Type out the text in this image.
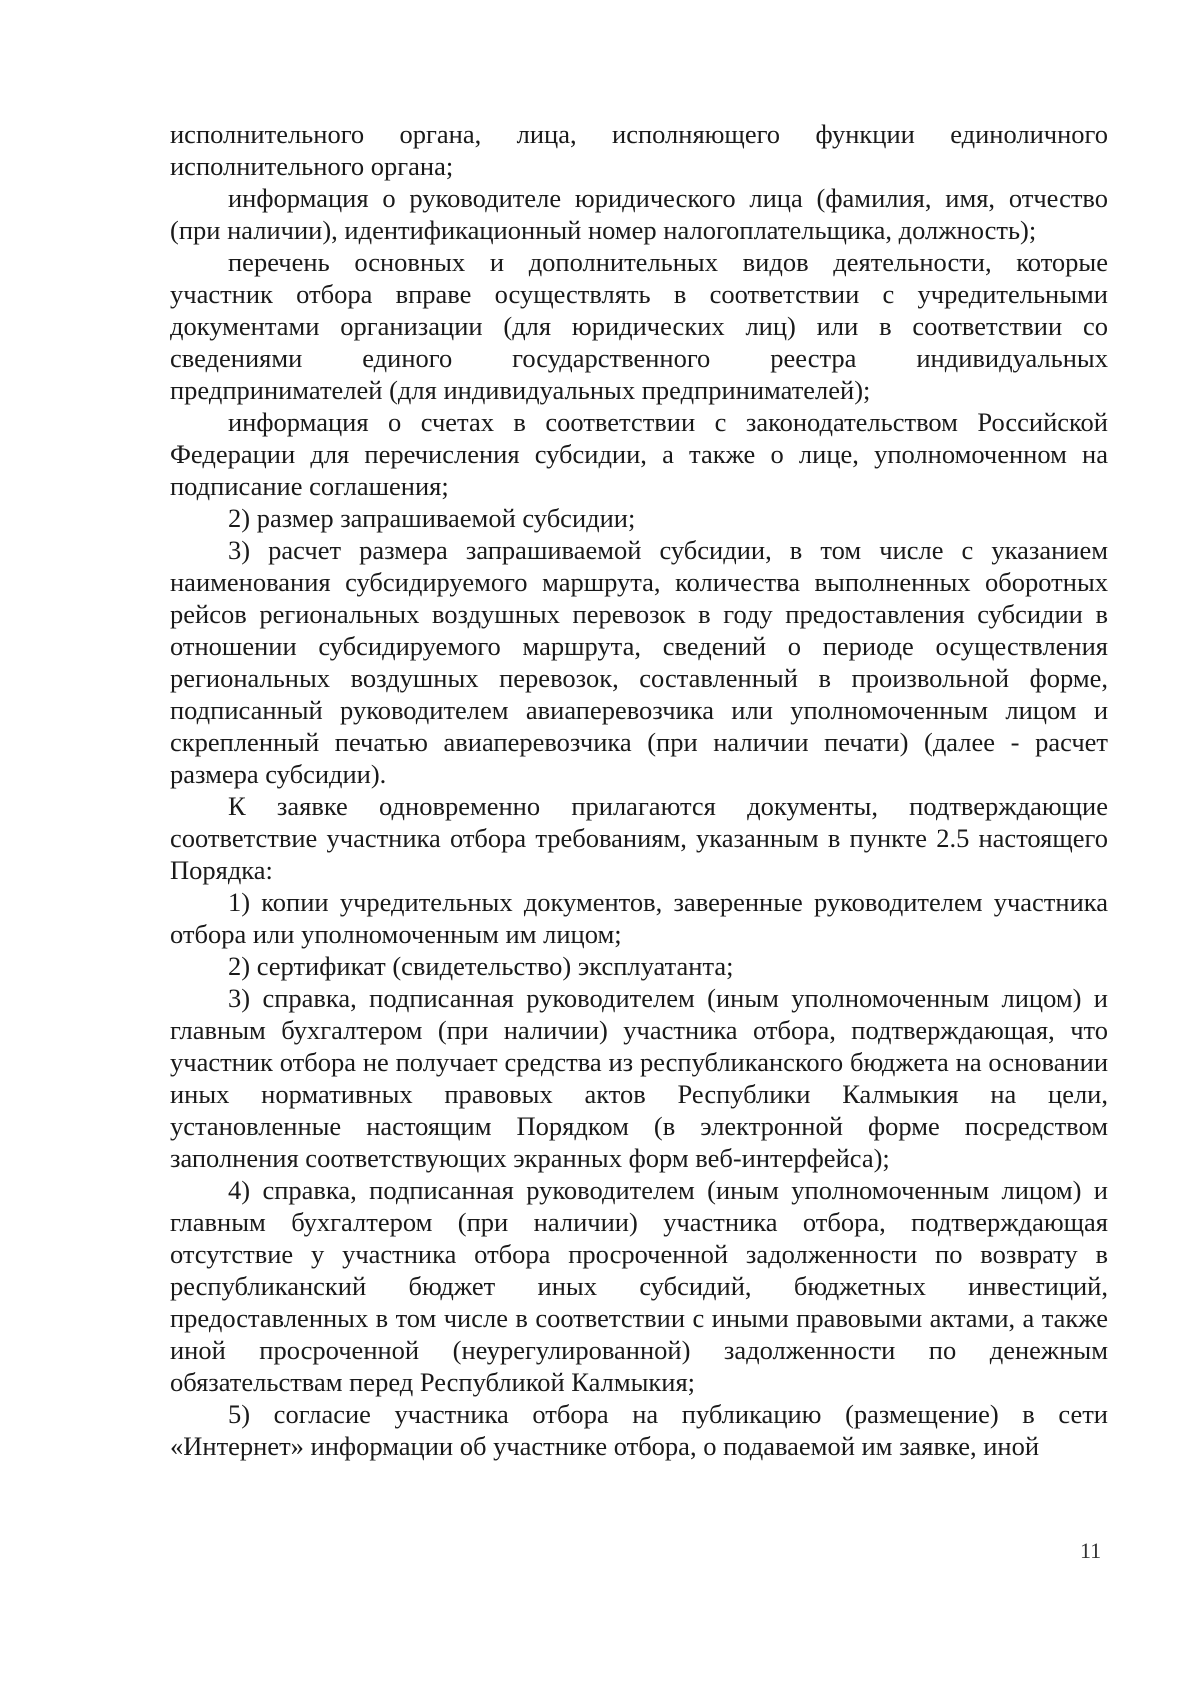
исполнительного органа, лица, исполняющего функции единоличного исполнительного органа;

информация о руководителе юридического лица (фамилия, имя, отчество (при наличии), идентификационный номер налогоплательщика, должность);

перечень основных и дополнительных видов деятельности, которые участник отбора вправе осуществлять в соответствии с учредительными документами организации (для юридических лиц) или в соответствии со сведениями единого государственного реестра индивидуальных предпринимателей (для индивидуальных предпринимателей);

информация о счетах в соответствии с законодательством Российской Федерации для перечисления субсидии, а также о лице, уполномоченном на подписание соглашения;

2) размер запрашиваемой субсидии;

3) расчет размера запрашиваемой субсидии, в том числе с указанием наименования субсидируемого маршрута, количества выполненных оборотных рейсов региональных воздушных перевозок в году предоставления субсидии в отношении субсидируемого маршрута, сведений о периоде осуществления региональных воздушных перевозок, составленный в произвольной форме, подписанный руководителем авиаперевозчика или уполномоченным лицом и скрепленный печатью авиаперевозчика (при наличии печати) (далее - расчет размера субсидии).

К заявке одновременно прилагаются документы, подтверждающие соответствие участника отбора требованиям, указанным в пункте 2.5 настоящего Порядка:

1) копии учредительных документов, заверенные руководителем участника отбора или уполномоченным им лицом;

2) сертификат (свидетельство) эксплуатанта;

3) справка, подписанная руководителем (иным уполномоченным лицом) и главным бухгалтером (при наличии) участника отбора, подтверждающая, что участник отбора не получает средства из республиканского бюджета на основании иных нормативных правовых актов Республики Калмыкия на цели, установленные настоящим Порядком (в электронной форме посредством заполнения соответствующих экранных форм веб-интерфейса);

4) справка, подписанная руководителем (иным уполномоченным лицом) и главным бухгалтером (при наличии) участника отбора, подтверждающая отсутствие у участника отбора просроченной задолженности по возврату в республиканский бюджет иных субсидий, бюджетных инвестиций, предоставленных в том числе в соответствии с иными правовыми актами, а также иной просроченной (неурегулированной) задолженности по денежным обязательствам перед Республикой Калмыкия;

5) согласие участника отбора на публикацию (размещение) в сети «Интернет» информации об участнике отбора, о подаваемой им заявке, иной

11
